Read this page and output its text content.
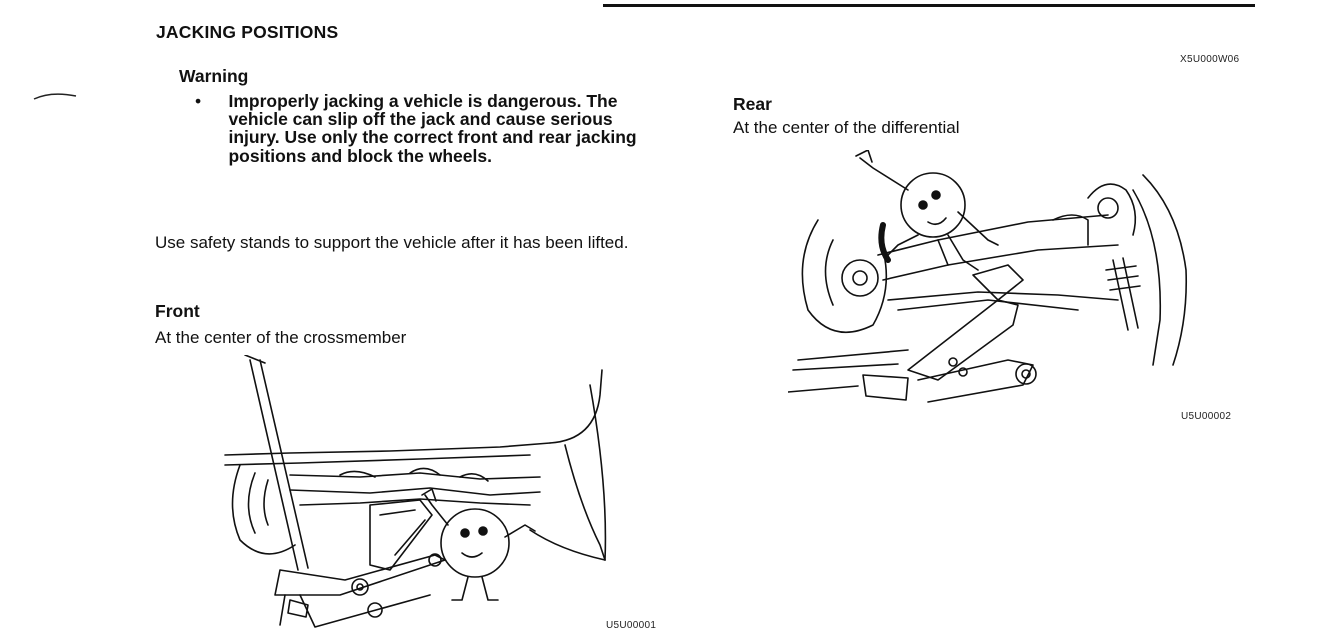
JACKING POSITIONS
X5U000W06
Warning
•	Improperly jacking a vehicle is dangerous. The vehicle can slip off the jack and cause serious injury. Use only the correct front and rear jacking positions and block the wheels.
Use safety stands to support the vehicle after it has been lifted.
Front
At the center of the crossmember
Rear
At the center of the differential
U5U00001
U5U00002
